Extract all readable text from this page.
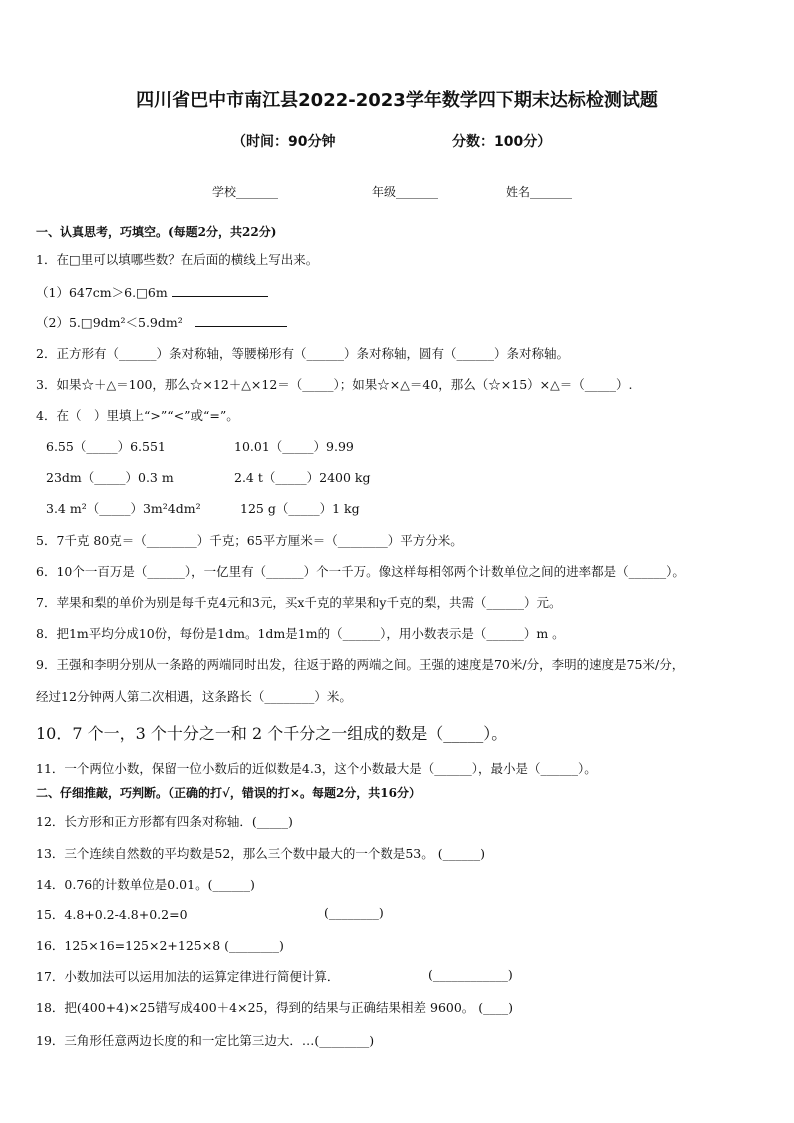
四川省巴中市南江县2022-2023学年数学四下期末达标检测试题
（时间：90分钟	分数：100分）
学校_______	年级_______	姓名_______
一、认真思考，巧填空。(每题2分，共22分)
1．在□里可以填哪些数？在后面的横线上写出来。
（1）647cm＞6.□6m
（2）5.□9dm²＜5.9dm²
2．正方形有（______）条对称轴，等腰梯形有（______）条对称轴，圆有（______）条对称轴。
3．如果☆＋△＝100，那么☆×12＋△×12＝（_____）；如果☆×△＝40，那么（☆×15）×△＝（_____）.
4．在（　）里填上“>”“<”或“=”。
6.55（_____）6.551	10.01（_____）9.99
23dm（_____）0.3 m	2.4 t（_____）2400 kg
3.4 m²（_____）3m²4dm²	125 g（_____）1 kg
5．7千克 80克＝（________）千克；65平方厘米＝（________）平方分米。
6．10个一百万是（______），一亿里有（______）个一千万。像这样每相邻两个计数单位之间的进率都是（______）。
7．苹果和梨的单价为别是每千克4元和3元，买x千克的苹果和y千克的梨，共需（______）元。
8．把1m平均分成10份，每份是1dm。1dm是1m的（______），用小数表示是（______）m 。
9．王强和李明分别从一条路的两端同时出发，往返于路的两端之间。王强的速度是70米/分，李明的速度是75米/分，
经过12分钟两人第二次相遇，这条路长（________）米。
10．7 个一，3 个十分之一和 2 个千分之一组成的数是（_____）。
11．一个两位小数，保留一位小数后的近似数是4.3，这个小数最大是（______），最小是（______）。
二、仔细推敲，巧判断。（正确的打√，错误的打×。每题2分，共16分）
12．长方形和正方形都有四条对称轴．(_____)
13．三个连续自然数的平均数是52，那么三个数中最大的一个数是53。 (______)
14．0.76的计数单位是0.01。(______)
15．4.8+0.2-4.8+0.2=0	(________)
16．125×16=125×2+125×8 (________)
17．小数加法可以运用加法的运算定律进行简便计算．	(____________)
18．把(400+4)×25错写成400＋4×25，得到的结果与正确结果相差 9600。 (____)
19．三角形任意两边长度的和一定比第三边大．…(________)
